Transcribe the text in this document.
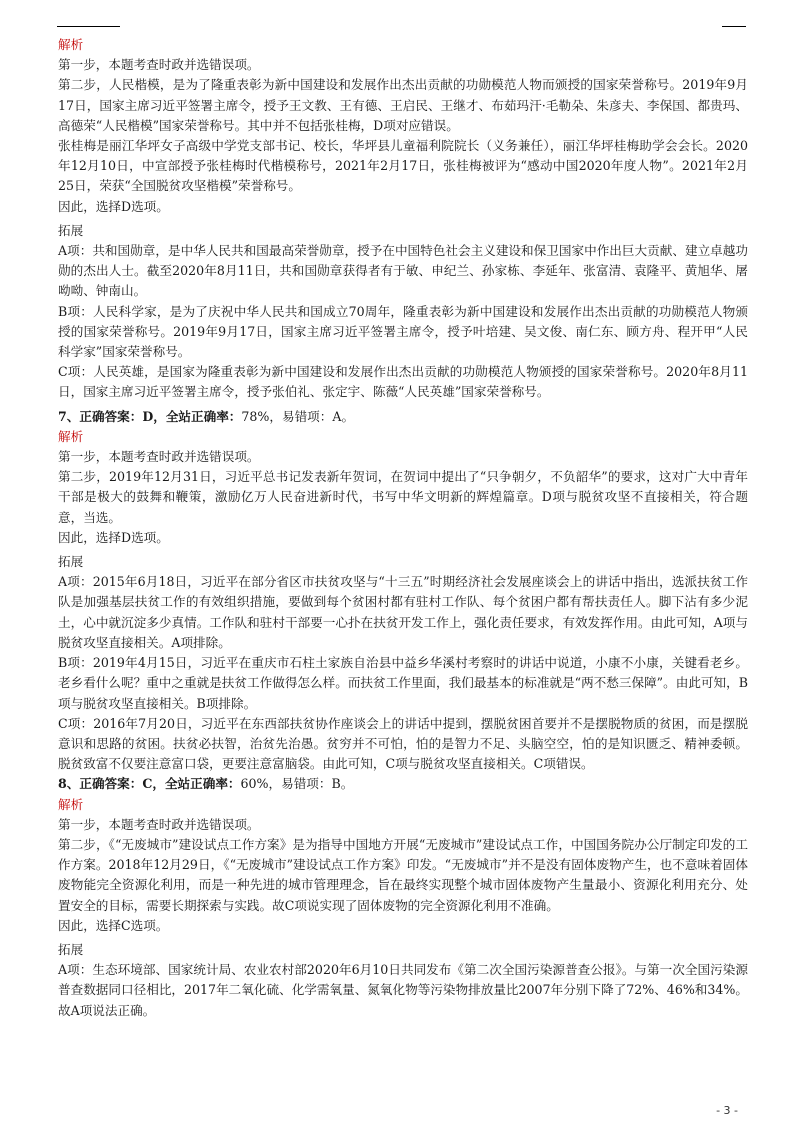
解析

第一步，本题考查时政并选错误项。

第二步，人民楷模，是为了隆重表彰为新中国建设和发展作出杰出贡献的功勋模范人物而颁授的国家荣誉称号。2019年9月17日，国家主席习近平签署主席令，授予王文教、王有德、王启民、王继才、布茹玛汗·毛勒朵、朱彦夫、李保国、都贵玛、高德荣“人民楷模”国家荣誉称号。其中并不包括张桂梅，D项对应错误。

张桂梅是丽江华坪女子高级中学党支部书记、校长，华坪县儿童福利院院长（义务兼任），丽江华坪桂梅助学会会长。2020年12月10日，中宣部授予张桂梅时代楷模称号，2021年2月17日，张桂梅被评为“感动中国2020年度人物”。2021年2月25日，荣获“全国脱贫攻坚楷模”荣誉称号。

因此，选择D选项。

拓展

A项：共和国勋章，是中华人民共和国最高荣誉勋章，授予在中国特色社会主义建设和保卫国家中作出巨大贡献、建立卓越功勋的杰出人士。截至2020年8月11日，共和国勋章获得者有于敏、申纪兰、孙家栋、李延年、张富清、袁隆平、黄旭华、屠呦呦、钟南山。

B项：人民科学家，是为了庆祝中华人民共和国成立70周年，隆重表彰为新中国建设和发展作出杰出贡献的功勋模范人物颁授的国家荣誉称号。2019年9月17日，国家主席习近平签署主席令，授予叶培建、吴文俊、南仁东、顾方舟、程开甲“人民科学家”国家荣誉称号。

C项：人民英雄，是国家为隆重表彰为新中国建设和发展作出杰出贡献的功勋模范人物颁授的国家荣誉称号。2020年8月11日，国家主席习近平签署主席令，授予张伯礼、张定宇、陈薇“人民英雄”国家荣誉称号。

7、正确答案：D，全站正确率：78%，易错项：A。

解析

第一步，本题考查时政并选错误项。

第二步，2019年12月31日，习近平总书记发表新年贺词，在贺词中提出了“只争朝夕，不负韶华”的要求，这对广大中青年干部是极大的鼓舞和鞭策，激励亿万人民奋进新时代，书写中华文明新的辉煌篇章。D项与脱贫攻坚不直接相关，符合题意，当选。

因此，选择D选项。

拓展

A项：2015年6月18日，习近平在部分省区市扶贫攻坚与“十三五”时期经济社会发展座谈会上的讲话中指出，选派扶贫工作队是加强基层扶贫工作的有效组织措施，要做到每个贫困村都有驻村工作队、每个贫困户都有帮扶责任人。脚下沾有多少泥土，心中就沉淀多少真情。工作队和驻村干部要一心扑在扶贫开发工作上，强化责任要求，有效发挥作用。由此可知，A项与脱贫攻坚直接相关。A项排除。

B项：2019年4月15日，习近平在重庆市石柱土家族自治县中益乡华溪村考察时的讲话中说道，小康不小康，关键看老乡。老乡看什么呢？重中之重就是扶贫工作做得怎么样。而扶贫工作里面，我们最基本的标准就是“两不愁三保障”。由此可知，B项与脱贫攻坚直接相关。B项排除。

C项：2016年7月20日，习近平在东西部扶贫协作座谈会上的讲话中提到，摆脱贫困首要并不是摆脱物质的贫困，而是摆脱意识和思路的贫困。扶贫必扶智，治贫先治愚。贫穷并不可怕，怕的是智力不足、头脑空空，怕的是知识匮乏、精神委顿。脱贫致富不仅要注意富口袋，更要注意富脑袋。由此可知，C项与脱贫攻坚直接相关。C项错误。

8、正确答案：C，全站正确率：60%，易错项：B。

解析

第一步，本题考查时政并选错误项。

第二步，《“无废城市”建设试点工作方案》是为指导中国地方开展“无废城市”建设试点工作，中国国务院办公厅制定印发的工作方案。2018年12月29日，《“无废城市”建设试点工作方案》印发。“无废城市”并不是没有固体废物产生，也不意味着固体废物能完全资源化利用，而是一种先进的城市管理理念，旨在最终实现整个城市固体废物产生量最小、资源化利用充分、处置安全的目标，需要长期探索与实践。故C项说实现了固体废物的完全资源化利用不准确。

因此，选择C选项。

拓展

A项：生态环境部、国家统计局、农业农村部2020年6月10日共同发布《第二次全国污染源普查公报》。与第一次全国污染源普查数据同口径相比，2017年二氧化硫、化学需氧量、氮氧化物等污染物排放量比2007年分别下降了72%、46%和34%。故A项说法正确。

- 3 -
